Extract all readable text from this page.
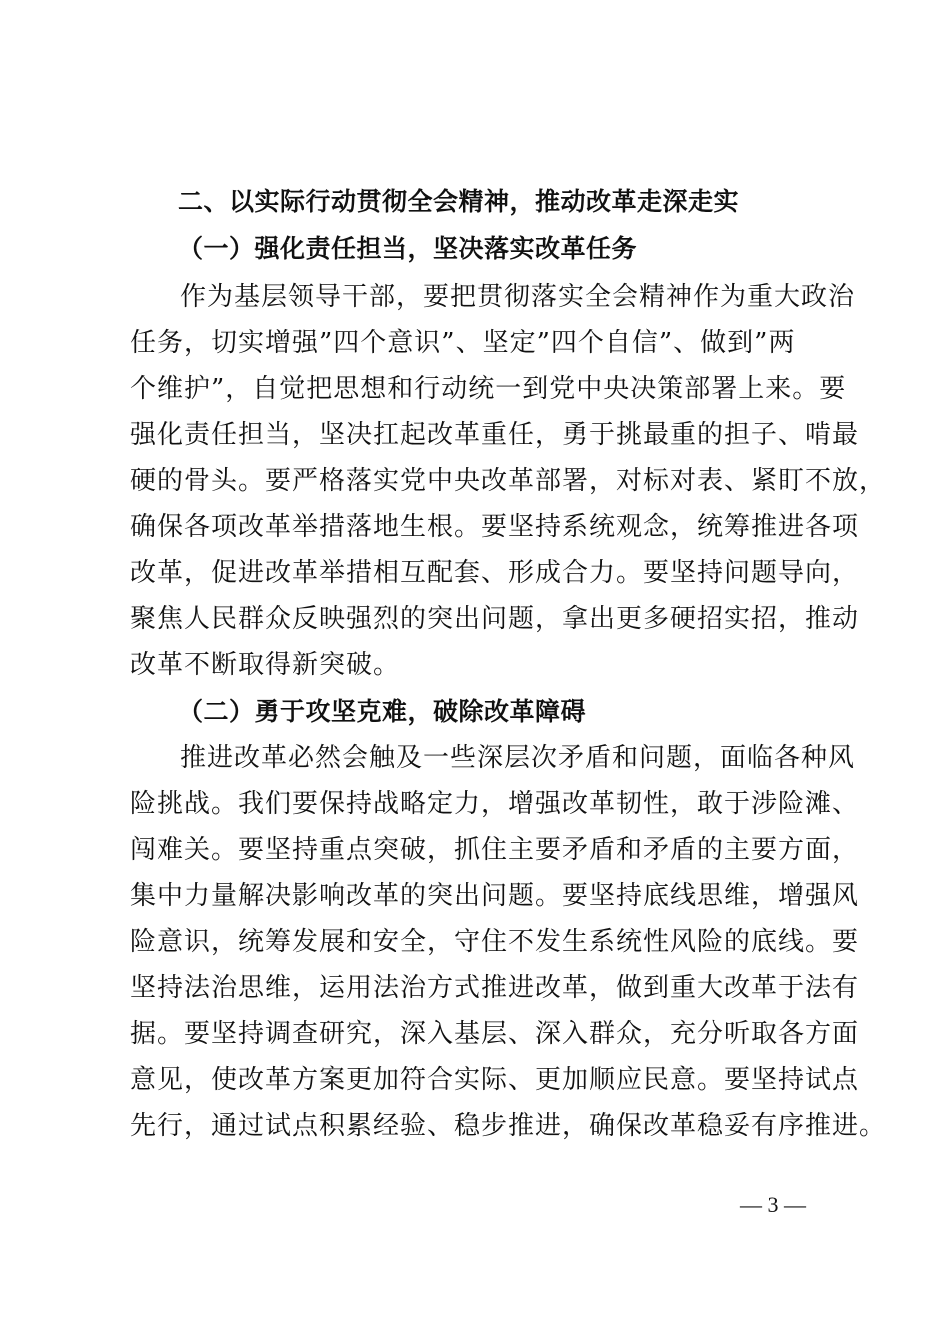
二、以实际行动贯彻全会精神，推动改革走深走实
（一）强化责任担当，坚决落实改革任务
作为基层领导干部，要把贯彻落实全会精神作为重大政治
任务，切实增强”四个意识”、坚定”四个自信”、做到”两
个维护”，自觉把思想和行动统一到党中央决策部署上来。要
强化责任担当，坚决扛起改革重任，勇于挑最重的担子、啃最
硬的骨头。要严格落实党中央改革部署，对标对表、紧盯不放，
确保各项改革举措落地生根。要坚持系统观念，统筹推进各项
改革，促进改革举措相互配套、形成合力。要坚持问题导向，
聚焦人民群众反映强烈的突出问题，拿出更多硬招实招，推动
改革不断取得新突破。
（二）勇于攻坚克难，破除改革障碍
推进改革必然会触及一些深层次矛盾和问题，面临各种风
险挑战。我们要保持战略定力，增强改革韧性，敢于涉险滩、
闯难关。要坚持重点突破，抓住主要矛盾和矛盾的主要方面，
集中力量解决影响改革的突出问题。要坚持底线思维，增强风
险意识，统筹发展和安全，守住不发生系统性风险的底线。要
坚持法治思维，运用法治方式推进改革，做到重大改革于法有
据。要坚持调查研究，深入基层、深入群众，充分听取各方面
意见，使改革方案更加符合实际、更加顺应民意。要坚持试点
先行，通过试点积累经验、稳步推进，确保改革稳妥有序推进。
— 3 —
